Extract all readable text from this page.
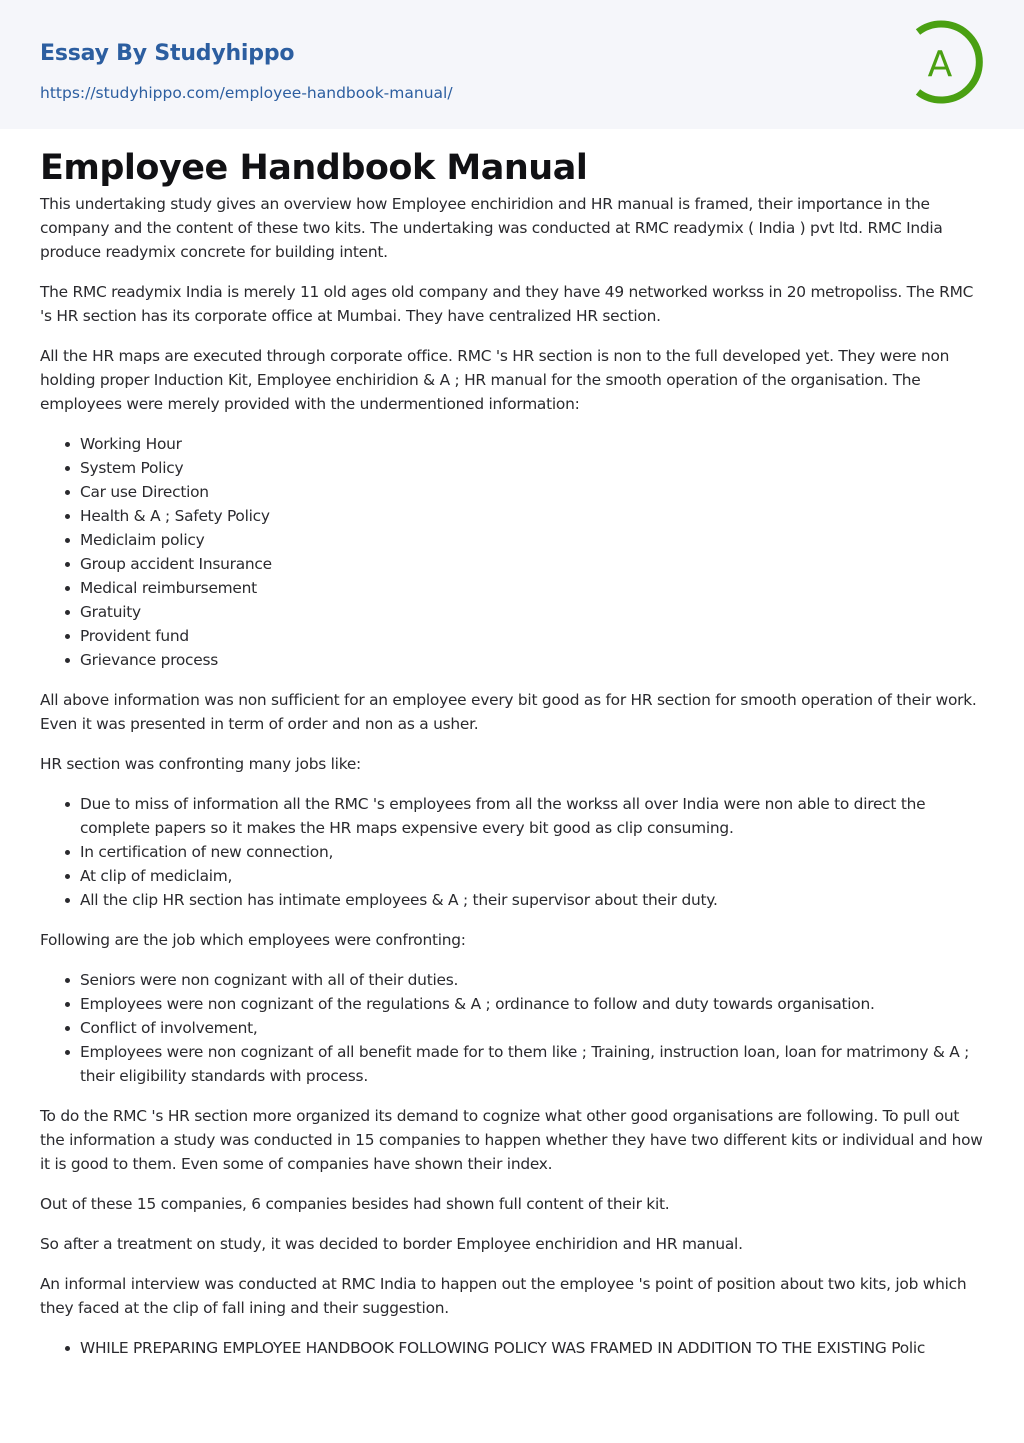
Essay By Studyhippo
https://studyhippo.com/employee-handbook-manual/
A
Employee Handbook Manual

This undertaking study gives an overview how Employee enchiridion and HR manual is framed, their importance in the company and the content of these two kits. The undertaking was conducted at RMC readymix ( India ) pvt ltd. RMC India produce readymix concrete for building intent.

The RMC readymix India is merely 11 old ages old company and they have 49 networked workss in 20 metropoliss. The RMC 's HR section has its corporate office at Mumbai. They have centralized HR section.

All the HR maps are executed through corporate office. RMC 's HR section is non to the full developed yet. They were non holding proper Induction Kit, Employee enchiridion & A ; HR manual for the smooth operation of the organisation. The employees were merely provided with the undermentioned information:

Working Hour
System Policy
Car use Direction
Health & A ; Safety Policy
Mediclaim policy
Group accident Insurance
Medical reimbursement
Gratuity
Provident fund
Grievance process

All above information was non sufficient for an employee every bit good as for HR section for smooth operation of their work. Even it was presented in term of order and non as a usher.

HR section was confronting many jobs like:

Due to miss of information all the RMC 's employees from all the workss all over India were non able to direct the complete papers so it makes the HR maps expensive every bit good as clip consuming.
In certification of new connection,
At clip of mediclaim,
All the clip HR section has intimate employees & A ; their supervisor about their duty.

Following are the job which employees were confronting:

Seniors were non cognizant with all of their duties.
Employees were non cognizant of the regulations & A ; ordinance to follow and duty towards organisation.
Conflict of involvement,
Employees were non cognizant of all benefit made for to them like ; Training, instruction loan, loan for matrimony & A ; their eligibility standards with process.

To do the RMC 's HR section more organized its demand to cognize what other good organisations are following. To pull out the information a study was conducted in 15 companies to happen whether they have two different kits or individual and how it is good to them. Even some of companies have shown their index.

Out of these 15 companies, 6 companies besides had shown full content of their kit.

So after a treatment on study, it was decided to border Employee enchiridion and HR manual.

An informal interview was conducted at RMC India to happen out the employee 's point of position about two kits, job which they faced at the clip of fall ining and their suggestion.

WHILE PREPARING EMPLOYEE HANDBOOK FOLLOWING POLICY WAS FRAMED IN ADDITION TO THE EXISTING Polic
